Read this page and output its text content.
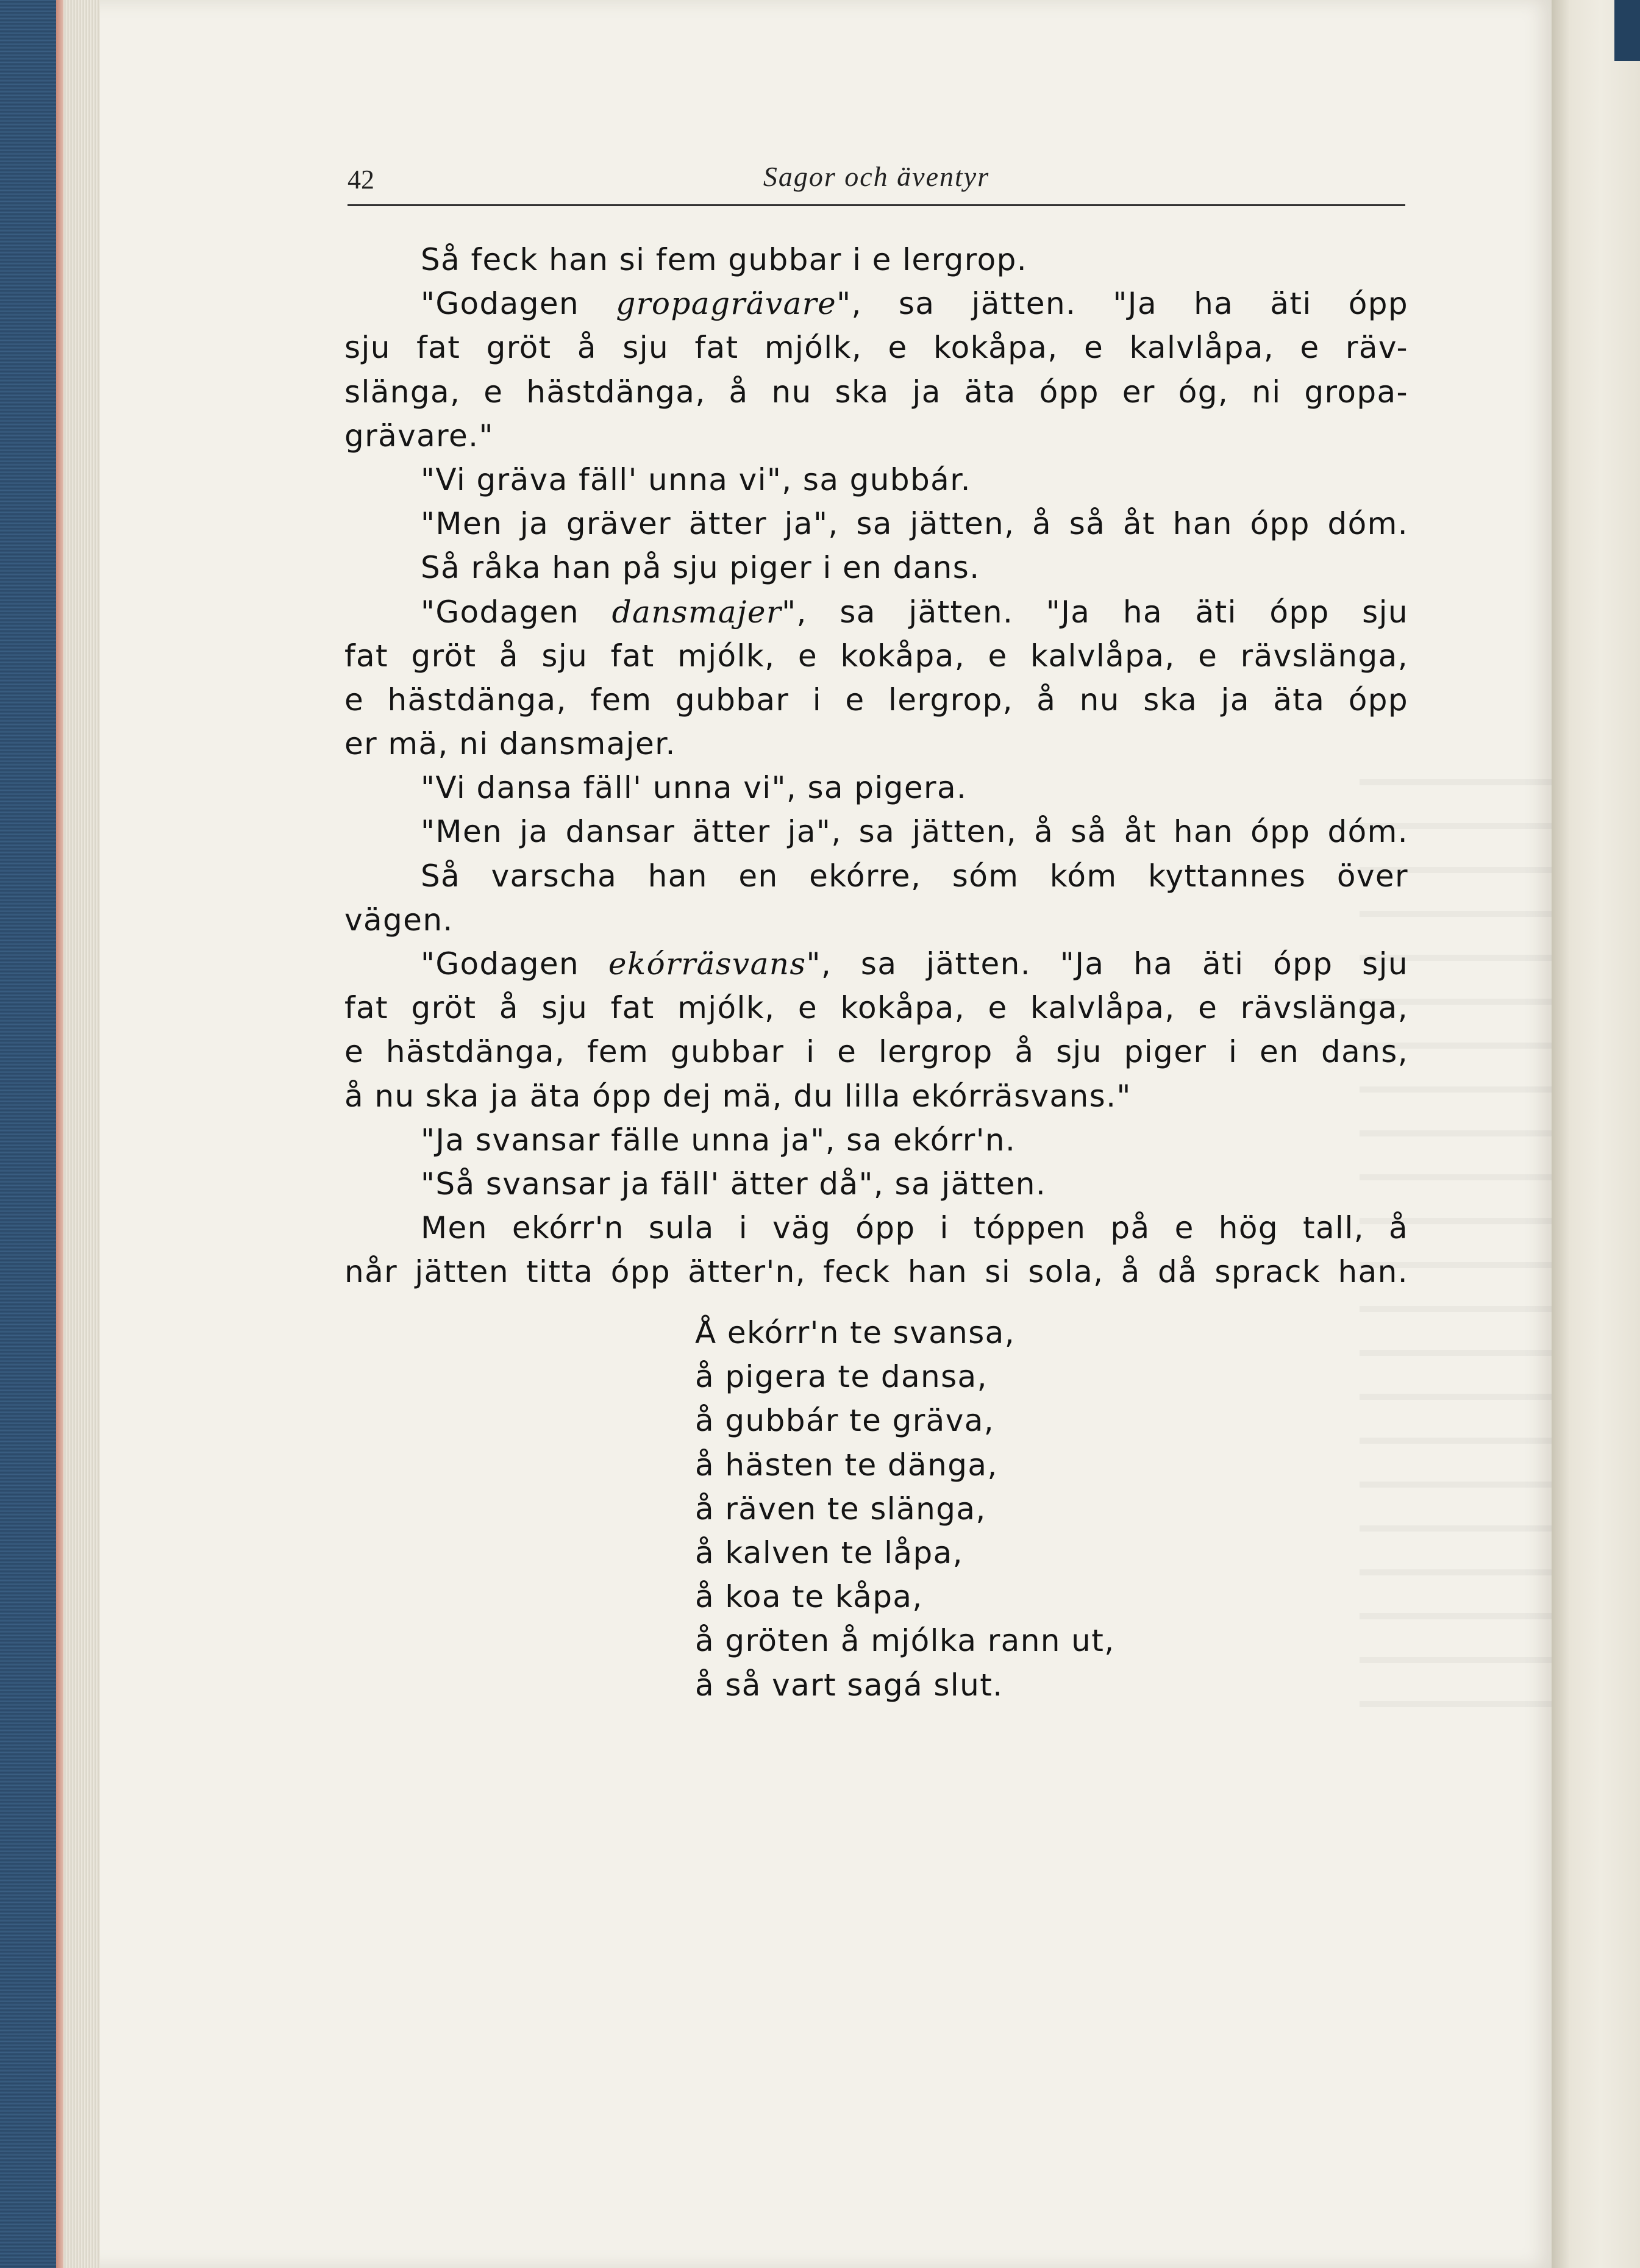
42	Sagor och äventyr
Så feck han si fem gubbar i e lergrop.
"Godagen gropagrävare", sa jätten. "Ja ha äti ópp
sju fat gröt å sju fat mjólk, e kokåpa, e kalvlåpa, e räv-
slänga, e hästdänga, å nu ska ja äta ópp er óg, ni gropa-
grävare."
"Vi gräva fäll' unna vi", sa gubbár.
"Men ja gräver ätter ja", sa jätten, å så åt han ópp dóm.
Så råka han på sju piger i en dans.
"Godagen dansmajer", sa jätten. "Ja ha äti ópp sju
fat gröt å sju fat mjólk, e kokåpa, e kalvlåpa, e rävslänga,
e hästdänga, fem gubbar i e lergrop, å nu ska ja äta ópp
er mä, ni dansmajer.
"Vi dansa fäll' unna vi", sa pigera.
"Men ja dansar ätter ja", sa jätten, å så åt han ópp dóm.
Så varscha han en ekórre, sóm kóm kyttannes över
vägen.
"Godagen ekórräsvans", sa jätten. "Ja ha äti ópp sju
fat gröt å sju fat mjólk, e kokåpa, e kalvlåpa, e rävslänga,
e hästdänga, fem gubbar i e lergrop å sju piger i en dans,
å nu ska ja äta ópp dej mä, du lilla ekórräsvans."
"Ja svansar fälle unna ja", sa ekórr'n.
"Så svansar ja fäll' ätter då", sa jätten.
Men ekórr'n sula i väg ópp i tóppen på e hög tall, å
når jätten titta ópp ätter'n, feck han si sola, å då sprack han.
Å ekórr'n te svansa,
å pigera te dansa,
å gubbár te gräva,
å hästen te dänga,
å räven te slänga,
å kalven te låpa,
å koa te kåpa,
å gröten å mjólka rann ut,
å så vart sagá slut.
